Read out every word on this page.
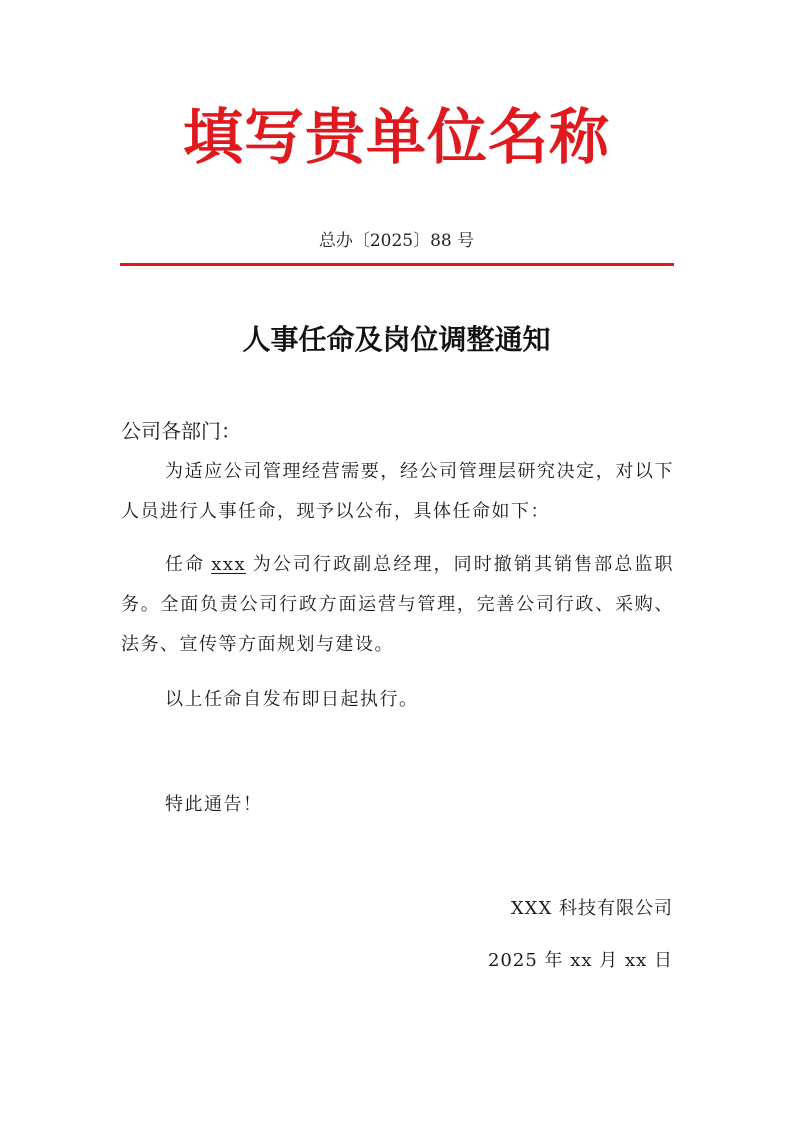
填写贵单位名称
总办〔2025〕88 号
人事任命及岗位调整通知
公司各部门：
为适应公司管理经营需要，经公司管理层研究决定，对以下人员进行人事任命，现予以公布，具体任命如下：
任命 xxx 为公司行政副总经理，同时撤销其销售部总监职务。全面负责公司行政方面运营与管理，完善公司行政、采购、法务、宣传等方面规划与建设。
以上任命自发布即日起执行。
特此通告！
XXX 科技有限公司
2025 年 xx 月 xx 日
